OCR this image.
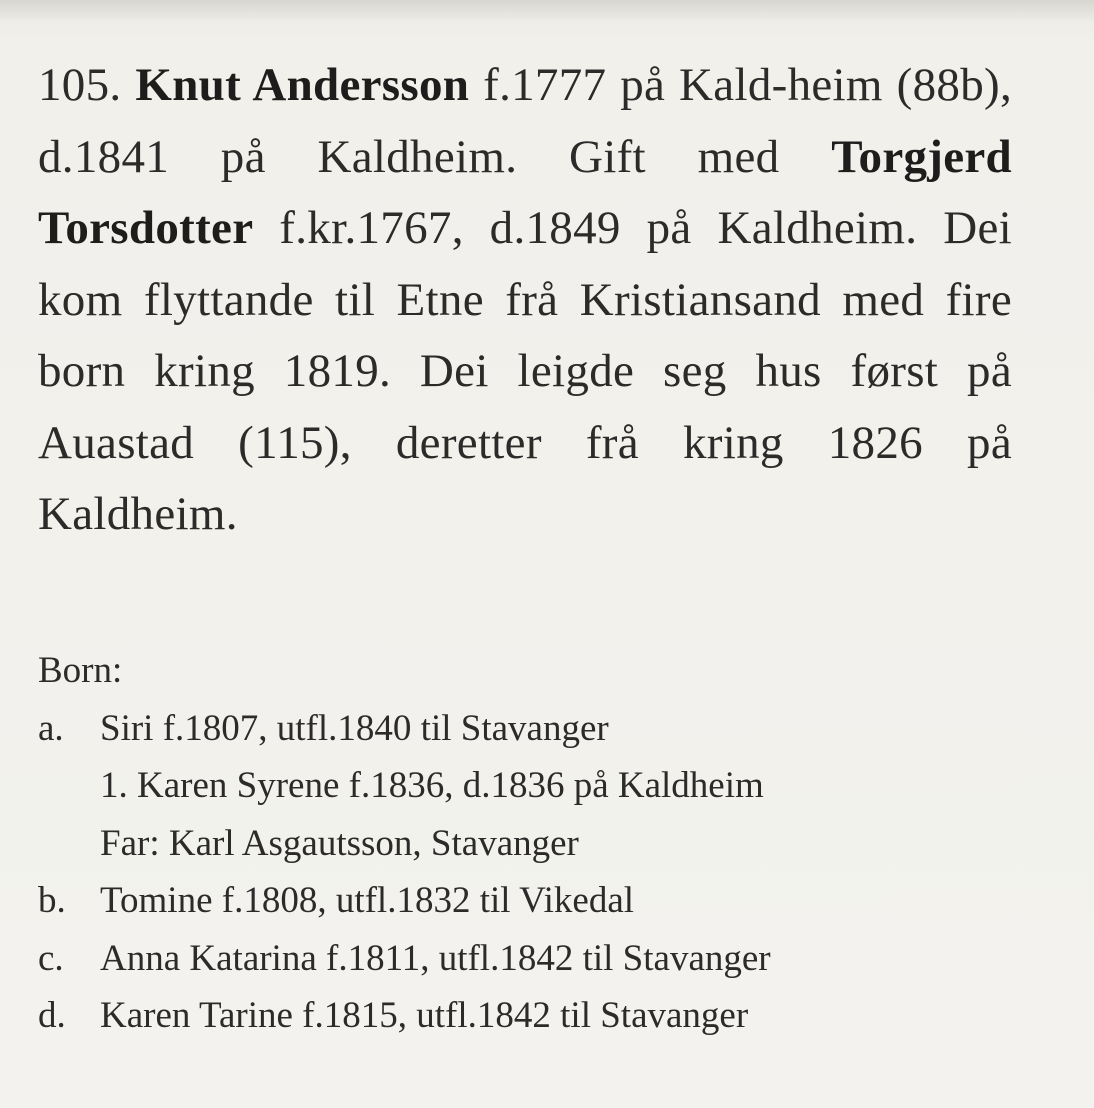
105. Knut Andersson f.1777 på Kald-heim (88b), d.1841 på Kaldheim. Gift med Torgjerd Torsdotter f.kr.1767, d.1849 på Kaldheim. Dei kom flyttande til Etne frå Kristiansand med fire born kring 1819. Dei leigde seg hus først på Auastad (115), deretter frå kring 1826 på Kaldheim.

Born:
a. Siri f.1807, utfl.1840 til Stavanger
1. Karen Syrene f.1836, d.1836 på Kaldheim
Far: Karl Asgautsson, Stavanger
b. Tomine f.1808, utfl.1832 til Vikedal
c. Anna Katarina f.1811, utfl.1842 til Stavanger
d. Karen Tarine f.1815, utfl.1842 til Stavanger
